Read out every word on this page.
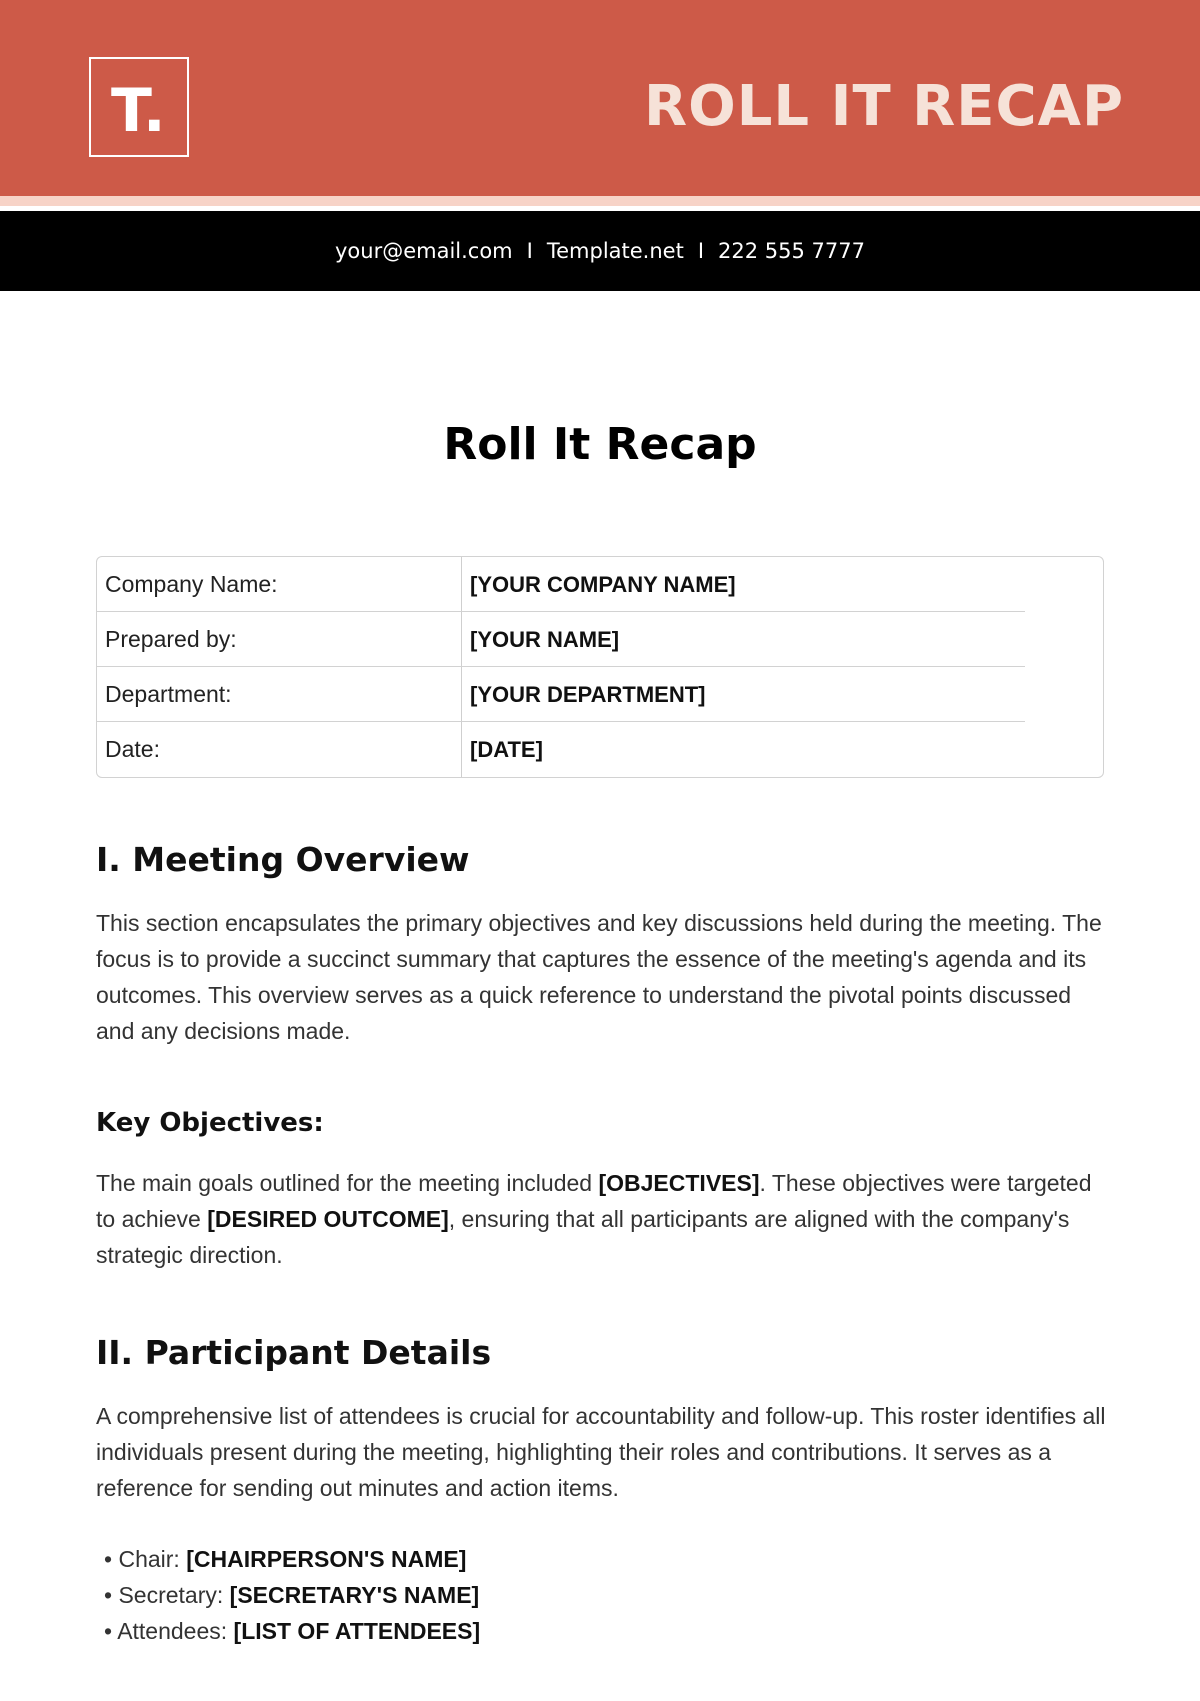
T.	ROLL IT RECAP
your@email.com I Template.net I 222 555 7777
Roll It Recap
Company Name:	[YOUR COMPANY NAME]
Prepared by:	[YOUR NAME]
Department:	[YOUR DEPARTMENT]
Date:	[DATE]
I. Meeting Overview

This section encapsulates the primary objectives and key discussions held during the meeting. The focus is to provide a succinct summary that captures the essence of the meeting's agenda and its outcomes. This overview serves as a quick reference to understand the pivotal points discussed and any decisions made.

Key Objectives:

The main goals outlined for the meeting included [OBJECTIVES]. These objectives were targeted to achieve [DESIRED OUTCOME], ensuring that all participants are aligned with the company's strategic direction.

II. Participant Details

A comprehensive list of attendees is crucial for accountability and follow-up. This roster identifies all individuals present during the meeting, highlighting their roles and contributions. It serves as a reference for sending out minutes and action items.

• Chair: [CHAIRPERSON'S NAME]
• Secretary: [SECRETARY'S NAME]
• Attendees: [LIST OF ATTENDEES]
